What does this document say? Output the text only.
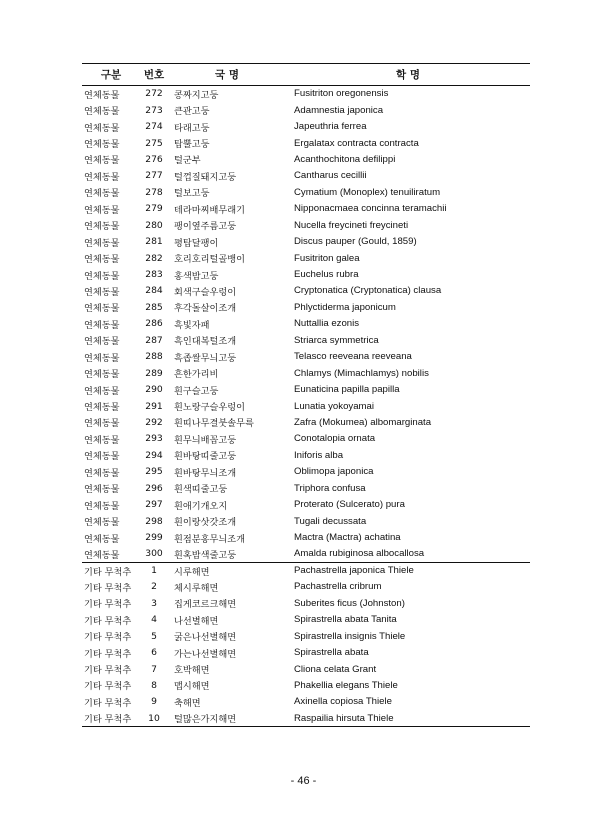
구분	번호	국 명	학 명
연체동물	272	콩짜지고둥	Fusitriton oregonensis
연체동물	273	큰관고둥	Adamnestia japonica
연체동물	274	타래고둥	Japeuthria ferrea
연체동물	275	탑뿔고둥	Ergalatax contracta contracta
연체동물	276	털군부	Acanthochitona defilippi
연체동물	277	털껍질돼지고둥	Cantharus cecillii
연체동물	278	털보고둥	Cymatium (Monoplex) tenuiliratum
연체동물	279	테라마찌배무래기	Nipponacmaea concinna teramachii
연체동물	280	팽이옆주름고둥	Nucella freycineti freycineti
연체동물	281	평탑달팽이	Discus pauper (Gould, 1859)
연체동물	282	호리호리털골뱅이	Fusitriton galea
연체동물	283	홍색밤고둥	Euchelus rubra
연체동물	284	회색구슬우렁이	Cryptonatica (Cryptonatica) clausa
연체동물	285	후각돌살이조개	Phlyctiderma japonicum
연체동물	286	흑빛자패	Nuttallia ezonis
연체동물	287	흑인대복털조개	Striarca symmetrica
연체동물	288	흑좁쌀무늬고둥	Telasco reeveana reeveana
연체동물	289	흔한가리비	Chlamys (Mimachlamys) nobilis
연체동물	290	흰구슬고둥	Eunaticina papilla papilla
연체동물	291	흰노랑구슬우렁이	Lunatia yokoyamai
연체동물	292	흰띠나무결붓솔무륵	Zafra (Mokumea) albomarginata
연체동물	293	흰무늬배꼽고둥	Conotalopia ornata
연체동물	294	흰바탕띠줄고둥	Iniforis alba
연체동물	295	흰바탕무늬조개	Oblimopa japonica
연체동물	296	흰색띠줄고둥	Triphora confusa
연체동물	297	흰애기개오지	Proterato (Sulcerato) pura
연체동물	298	흰이랑삿갓조개	Tugali decussata
연체동물	299	흰점분홍무늬조개	Mactra (Mactra) achatina
연체동물	300	흰혹밤색줄고둥	Amalda rubiginosa albocallosa
기타 무척추	1	시루해면	Pachastrella japonica Thiele
기타 무척추	2	체시루해면	Pachastrella cribrum
기타 무척추	3	집게코르크해면	Suberites ficus (Johnston)
기타 무척추	4	나선별해면	Spirastrella abata Tanita
기타 무척추	5	굵은나선별해면	Spirastrella insignis Thiele
기타 무척추	6	가는나선별해면	Spirastrella abata
기타 무척추	7	호박해면	Cliona celata Grant
기타 무척추	8	맵시해면	Phakellia elegans Thiele
기타 무척추	9	축해면	Axinella copiosa Thiele
기타 무척추	10	털많은가지해면	Raspailia hirsuta Thiele
- 46 -
